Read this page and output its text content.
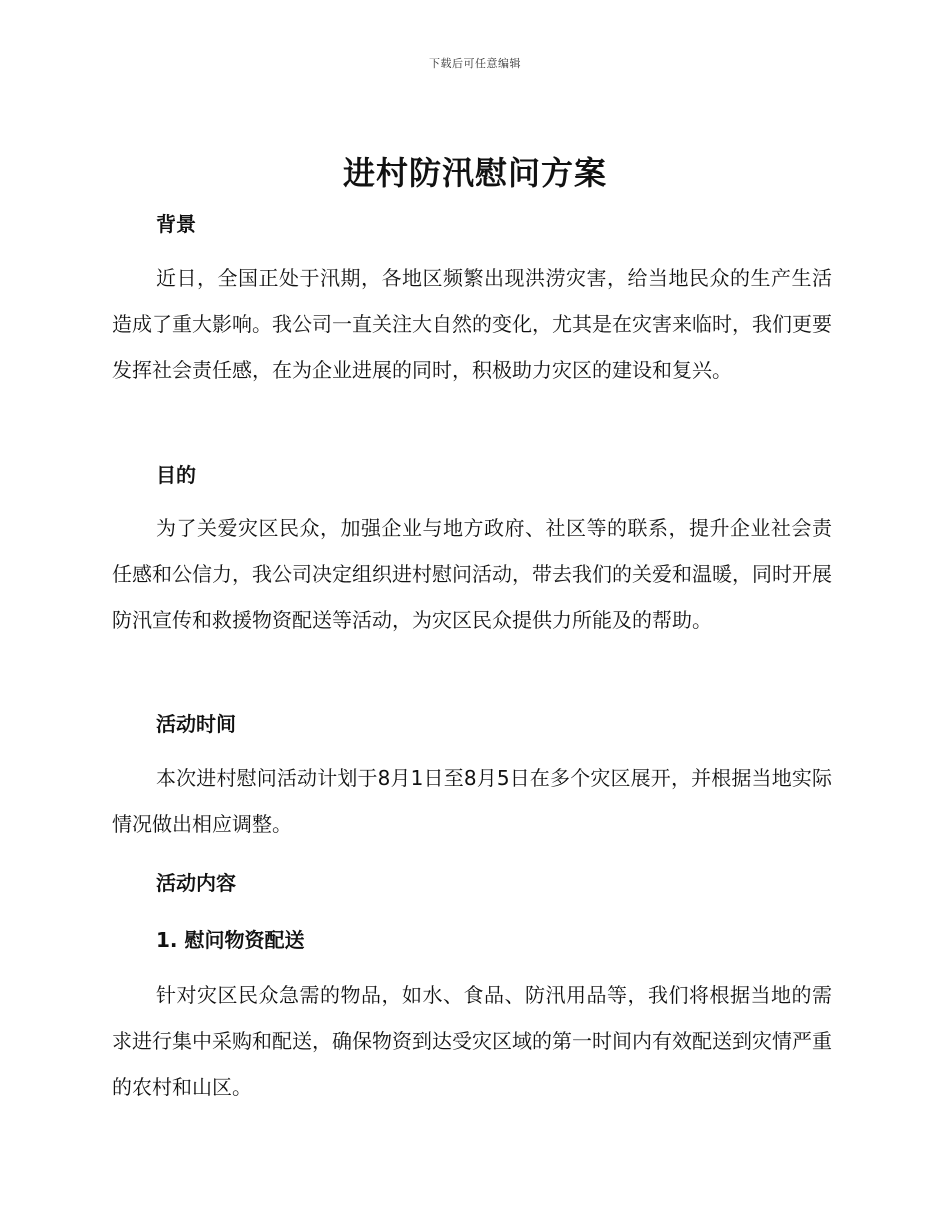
下载后可任意编辑
进村防汛慰问方案
背景
近日，全国正处于汛期，各地区频繁出现洪涝灾害，给当地民众的生产生活造成了重大影响。我公司一直关注大自然的变化，尤其是在灾害来临时，我们更要发挥社会责任感，在为企业进展的同时，积极助力灾区的建设和复兴。
目的
为了关爱灾区民众，加强企业与地方政府、社区等的联系，提升企业社会责任感和公信力，我公司决定组织进村慰问活动，带去我们的关爱和温暖，同时开展防汛宣传和救援物资配送等活动，为灾区民众提供力所能及的帮助。
活动时间
本次进村慰问活动计划于8月1日至8月5日在多个灾区展开，并根据当地实际情况做出相应调整。
活动内容
1. 慰问物资配送
针对灾区民众急需的物品，如水、食品、防汛用品等，我们将根据当地的需求进行集中采购和配送，确保物资到达受灾区域的第一时间内有效配送到灾情严重的农村和山区。
